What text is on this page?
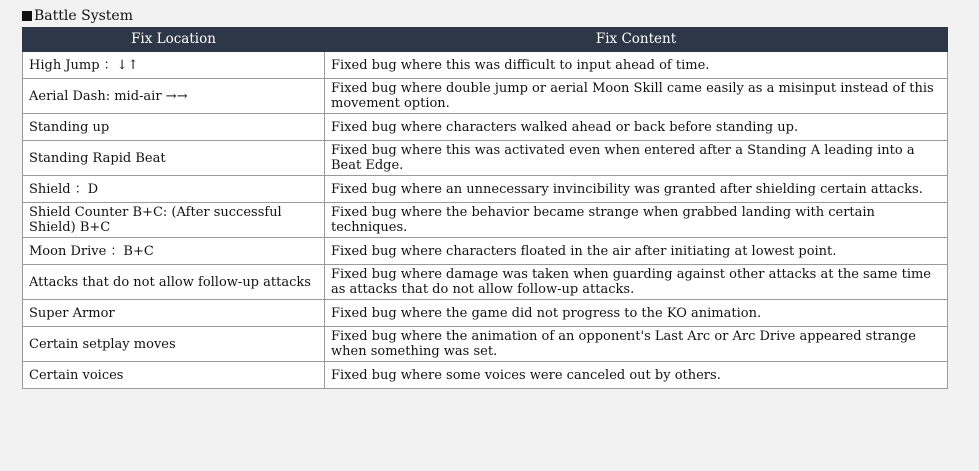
Battle System
Fix Location	Fix Content
High Jump ：↓↑	Fixed bug where this was difficult to input ahead of time.
Aerial Dash: mid-air →→	Fixed bug where double jump or aerial Moon Skill came easily as a misinput instead of this movement option.
Standing up	Fixed bug where characters walked ahead or back before standing up.
Standing Rapid Beat	Fixed bug where this was activated even when entered after a Standing A leading into a Beat Edge.
Shield ：D	Fixed bug where an unnecessary invincibility was granted after shielding certain attacks.
Shield Counter B+C: (After successful Shield) B+C	Fixed bug where the behavior became strange when grabbed landing with certain techniques.
Moon Drive ：B+C	Fixed bug where characters floated in the air after initiating at lowest point.
Attacks that do not allow follow-up attacks	Fixed bug where damage was taken when guarding against other attacks at the same time as attacks that do not allow follow-up attacks.
Super Armor	Fixed bug where the game did not progress to the KO animation.
Certain setplay moves	Fixed bug where the animation of an opponent's Last Arc or Arc Drive appeared strange when something was set.
Certain voices	Fixed bug where some voices were canceled out by others.
